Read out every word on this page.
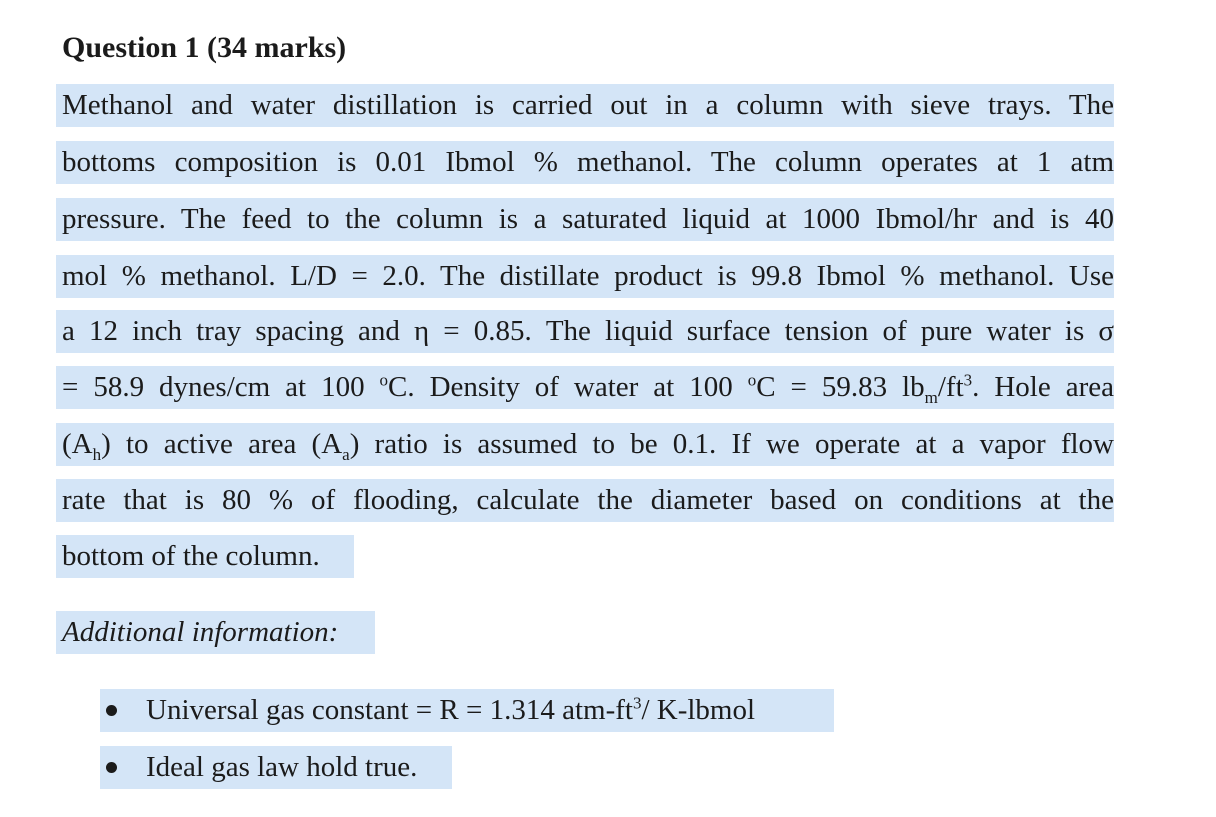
Question 1 (34 marks)
Methanol and water distillation is carried out in a column with sieve trays. The
bottoms composition is 0.01 Ibmol % methanol. The column operates at 1 atm
pressure. The feed to the column is a saturated liquid at 1000 Ibmol/hr and is 40
mol % methanol. L/D = 2.0. The distillate product is 99.8 Ibmol % methanol. Use
a 12 inch tray spacing and η = 0.85. The liquid surface tension of pure water is σ
= 58.9 dynes/cm at 100 $^o$C. Density of water at 100 $^o$C = 59.83 $lb_m/ft^3$. Hole area
$(A_h)$ to active area $(A_a)$ ratio is assumed to be 0.1. If we operate at a vapor flow
rate that is 80 % of flooding, calculate the diameter based on conditions at the
bottom of the column.
Additional information:
Universal gas constant = R = 1.314 atm-$ft^3/$ K-lbmol
Ideal gas law hold true.
